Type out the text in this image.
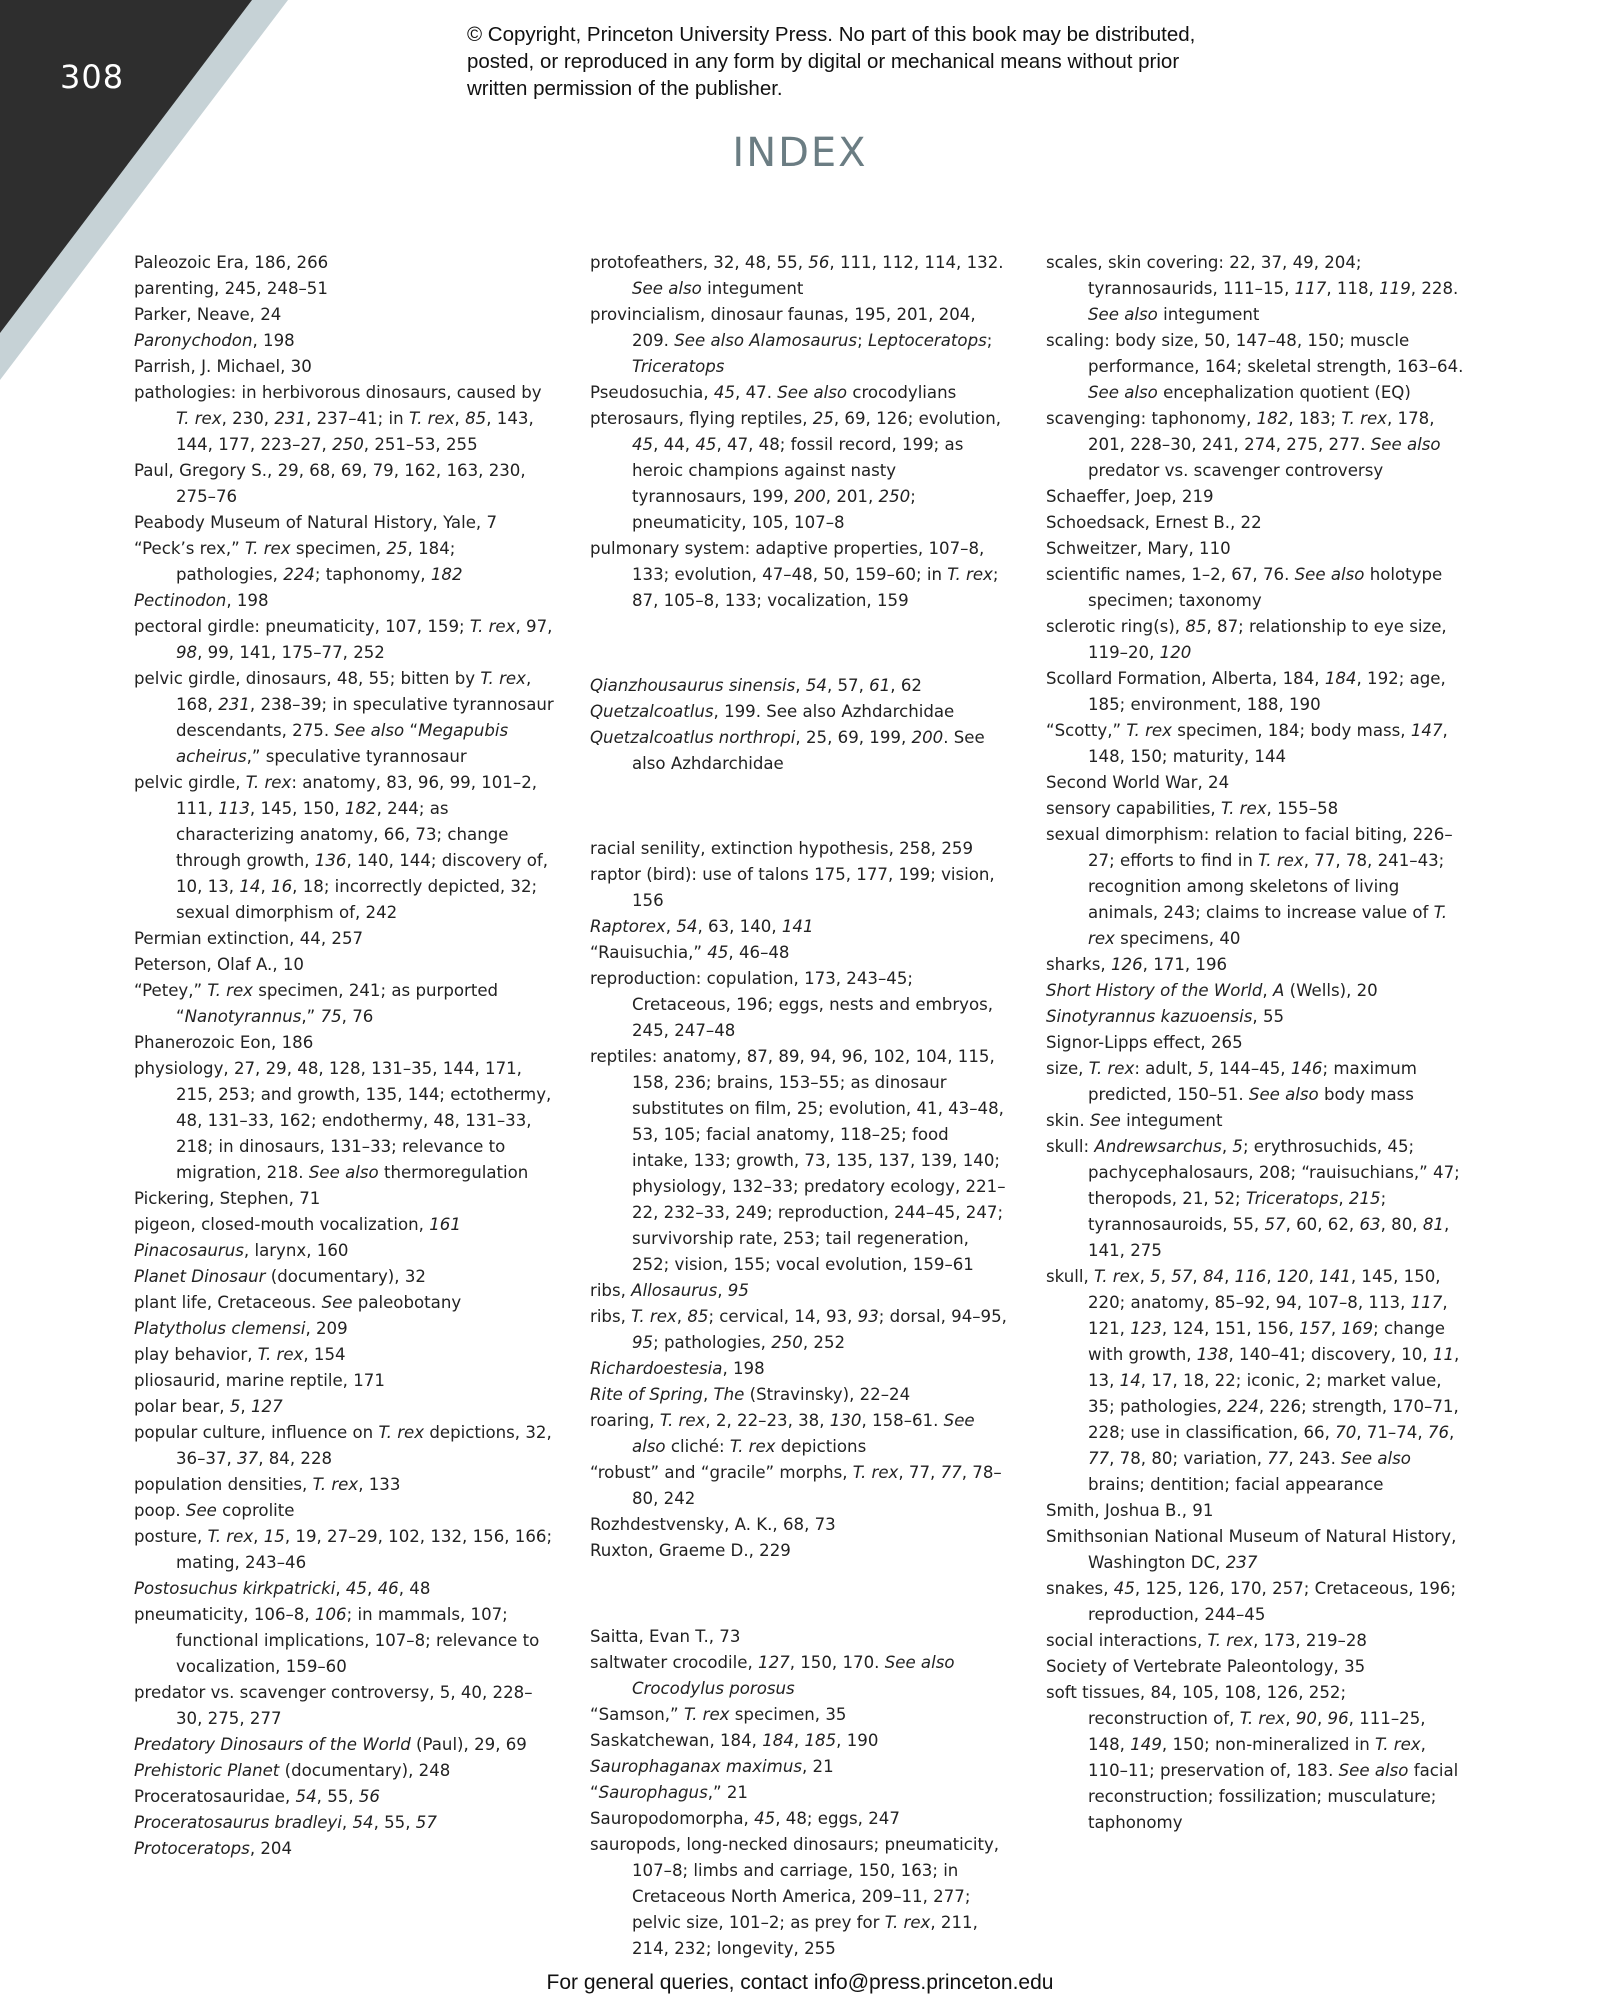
308

© Copyright, Princeton University Press. No part of this book may be distributed, posted, or reproduced in any form by digital or mechanical means without prior written permission of the publisher.

INDEX

Paleozoic Era, 186, 266

parenting, 245, 248–51

Parker, Neave, 24

Paronychodon, 198

Parrish, J. Michael, 30

pathologies: in herbivorous dinosaurs, caused by T. rex, 230, 231, 237–41; in T. rex, 85, 143, 144, 177, 223–27, 250, 251–53, 255

Paul, Gregory S., 29, 68, 69, 79, 162, 163, 230, 275–76

Peabody Museum of Natural History, Yale, 7

“Peck’s rex,” T. rex specimen, 25, 184; pathologies, 224; taphonomy, 182

Pectinodon, 198

pectoral girdle: pneumaticity, 107, 159; T. rex, 97, 98, 99, 141, 175–77, 252

pelvic girdle, dinosaurs, 48, 55; bitten by T. rex, 168, 231, 238–39; in speculative tyrannosaur descendants, 275. See also “Megapubis acheirus,” speculative tyrannosaur

pelvic girdle, T. rex: anatomy, 83, 96, 99, 101–2, 111, 113, 145, 150, 182, 244; as characterizing anatomy, 66, 73; change through growth, 136, 140, 144; discovery of, 10, 13, 14, 16, 18; incorrectly depicted, 32; sexual dimorphism of, 242

Permian extinction, 44, 257

Peterson, Olaf A., 10

“Petey,” T. rex specimen, 241; as purported “Nanotyrannus,” 75, 76

Phanerozoic Eon, 186

physiology, 27, 29, 48, 128, 131–35, 144, 171, 215, 253; and growth, 135, 144; ectothermy, 48, 131–33, 162; endothermy, 48, 131–33, 218; in dinosaurs, 131–33; relevance to migration, 218. See also thermoregulation

Pickering, Stephen, 71

pigeon, closed-mouth vocalization, 161

Pinacosaurus, larynx, 160

Planet Dinosaur (documentary), 32

plant life, Cretaceous. See paleobotany

Platytholus clemensi, 209

play behavior, T. rex, 154

pliosaurid, marine reptile, 171

polar bear, 5, 127

popular culture, influence on T. rex depictions, 32, 36–37, 37, 84, 228

population densities, T. rex, 133

poop. See coprolite

posture, T. rex, 15, 19, 27–29, 102, 132, 156, 166; mating, 243–46

Postosuchus kirkpatricki, 45, 46, 48

pneumaticity, 106–8, 106; in mammals, 107; functional implications, 107–8; relevance to vocalization, 159–60

predator vs. scavenger controversy, 5, 40, 228–30, 275, 277

Predatory Dinosaurs of the World (Paul), 29, 69

Prehistoric Planet (documentary), 248

Proceratosauridae, 54, 55, 56

Proceratosaurus bradleyi, 54, 55, 57

Protoceratops, 204

protofeathers, 32, 48, 55, 56, 111, 112, 114, 132. See also integument

provincialism, dinosaur faunas, 195, 201, 204, 209. See also Alamosaurus; Leptoceratops; Triceratops

Pseudosuchia, 45, 47. See also crocodylians

pterosaurs, flying reptiles, 25, 69, 126; evolution, 45, 44, 45, 47, 48; fossil record, 199; as heroic champions against nasty tyrannosaurs, 199, 200, 201, 250; pneumaticity, 105, 107–8

pulmonary system: adaptive properties, 107–8, 133; evolution, 47–48, 50, 159–60; in T. rex; 87, 105–8, 133; vocalization, 159

Qianzhousaurus sinensis, 54, 57, 61, 62

Quetzalcoatlus, 199. See also Azhdarchidae

Quetzalcoatlus northropi, 25, 69, 199, 200. See also Azhdarchidae

racial senility, extinction hypothesis, 258, 259

raptor (bird): use of talons 175, 177, 199; vision, 156

Raptorex, 54, 63, 140, 141

“Rauisuchia,” 45, 46–48

reproduction: copulation, 173, 243–45; Cretaceous, 196; eggs, nests and embryos, 245, 247–48

reptiles: anatomy, 87, 89, 94, 96, 102, 104, 115, 158, 236; brains, 153–55; as dinosaur substitutes on film, 25; evolution, 41, 43–48, 53, 105; facial anatomy, 118–25; food intake, 133; growth, 73, 135, 137, 139, 140; physiology, 132–33; predatory ecology, 221–22, 232–33, 249; reproduction, 244–45, 247; survivorship rate, 253; tail regeneration, 252; vision, 155; vocal evolution, 159–61

ribs, Allosaurus, 95

ribs, T. rex, 85; cervical, 14, 93, 93; dorsal, 94–95, 95; pathologies, 250, 252

Richardoestesia, 198

Rite of Spring, The (Stravinsky), 22–24

roaring, T. rex, 2, 22–23, 38, 130, 158–61. See also cliché: T. rex depictions

“robust” and “gracile” morphs, T. rex, 77, 77, 78–80, 242

Rozhdestvensky, A. K., 68, 73

Ruxton, Graeme D., 229

Saitta, Evan T., 73

saltwater crocodile, 127, 150, 170. See also Crocodylus porosus

“Samson,” T. rex specimen, 35

Saskatchewan, 184, 184, 185, 190

Saurophaganax maximus, 21

“Saurophagus,” 21

Sauropodomorpha, 45, 48; eggs, 247

sauropods, long-necked dinosaurs; pneumaticity, 107–8; limbs and carriage, 150, 163; in Cretaceous North America, 209–11, 277; pelvic size, 101–2; as prey for T. rex, 211, 214, 232; longevity, 255

scales, skin covering: 22, 37, 49, 204; tyrannosaurids, 111–15, 117, 118, 119, 228. See also integument

scaling: body size, 50, 147–48, 150; muscle performance, 164; skeletal strength, 163–64. See also encephalization quotient (EQ)

scavenging: taphonomy, 182, 183; T. rex, 178, 201, 228–30, 241, 274, 275, 277. See also predator vs. scavenger controversy

Schaeffer, Joep, 219

Schoedsack, Ernest B., 22

Schweitzer, Mary, 110

scientific names, 1–2, 67, 76. See also holotype specimen; taxonomy

sclerotic ring(s), 85, 87; relationship to eye size, 119–20, 120

Scollard Formation, Alberta, 184, 184, 192; age, 185; environment, 188, 190

“Scotty,” T. rex specimen, 184; body mass, 147, 148, 150; maturity, 144

Second World War, 24

sensory capabilities, T. rex, 155–58

sexual dimorphism: relation to facial biting, 226–27; efforts to find in T. rex, 77, 78, 241–43; recognition among skeletons of living animals, 243; claims to increase value of T. rex specimens, 40

sharks, 126, 171, 196

Short History of the World, A (Wells), 20

Sinotyrannus kazuoensis, 55

Signor-Lipps effect, 265

size, T. rex: adult, 5, 144–45, 146; maximum predicted, 150–51. See also body mass

skin. See integument

skull: Andrewsarchus, 5; erythrosuchids, 45; pachycephalosaurs, 208; “rauisuchians,” 47; theropods, 21, 52; Triceratops, 215; tyrannosauroids, 55, 57, 60, 62, 63, 80, 81, 141, 275

skull, T. rex, 5, 57, 84, 116, 120, 141, 145, 150, 220; anatomy, 85–92, 94, 107–8, 113, 117, 121, 123, 124, 151, 156, 157, 169; change with growth, 138, 140–41; discovery, 10, 11, 13, 14, 17, 18, 22; iconic, 2; market value, 35; pathologies, 224, 226; strength, 170–71, 228; use in classification, 66, 70, 71–74, 76, 77, 78, 80; variation, 77, 243. See also brains; dentition; facial appearance

Smith, Joshua B., 91

Smithsonian National Museum of Natural History, Washington DC, 237

snakes, 45, 125, 126, 170, 257; Cretaceous, 196; reproduction, 244–45

social interactions, T. rex, 173, 219–28

Society of Vertebrate Paleontology, 35

soft tissues, 84, 105, 108, 126, 252; reconstruction of, T. rex, 90, 96, 111–25, 148, 149, 150; non-mineralized in T. rex, 110–11; preservation of, 183. See also facial reconstruction; fossilization; musculature; taphonomy

For general queries, contact info@press.princeton.edu
